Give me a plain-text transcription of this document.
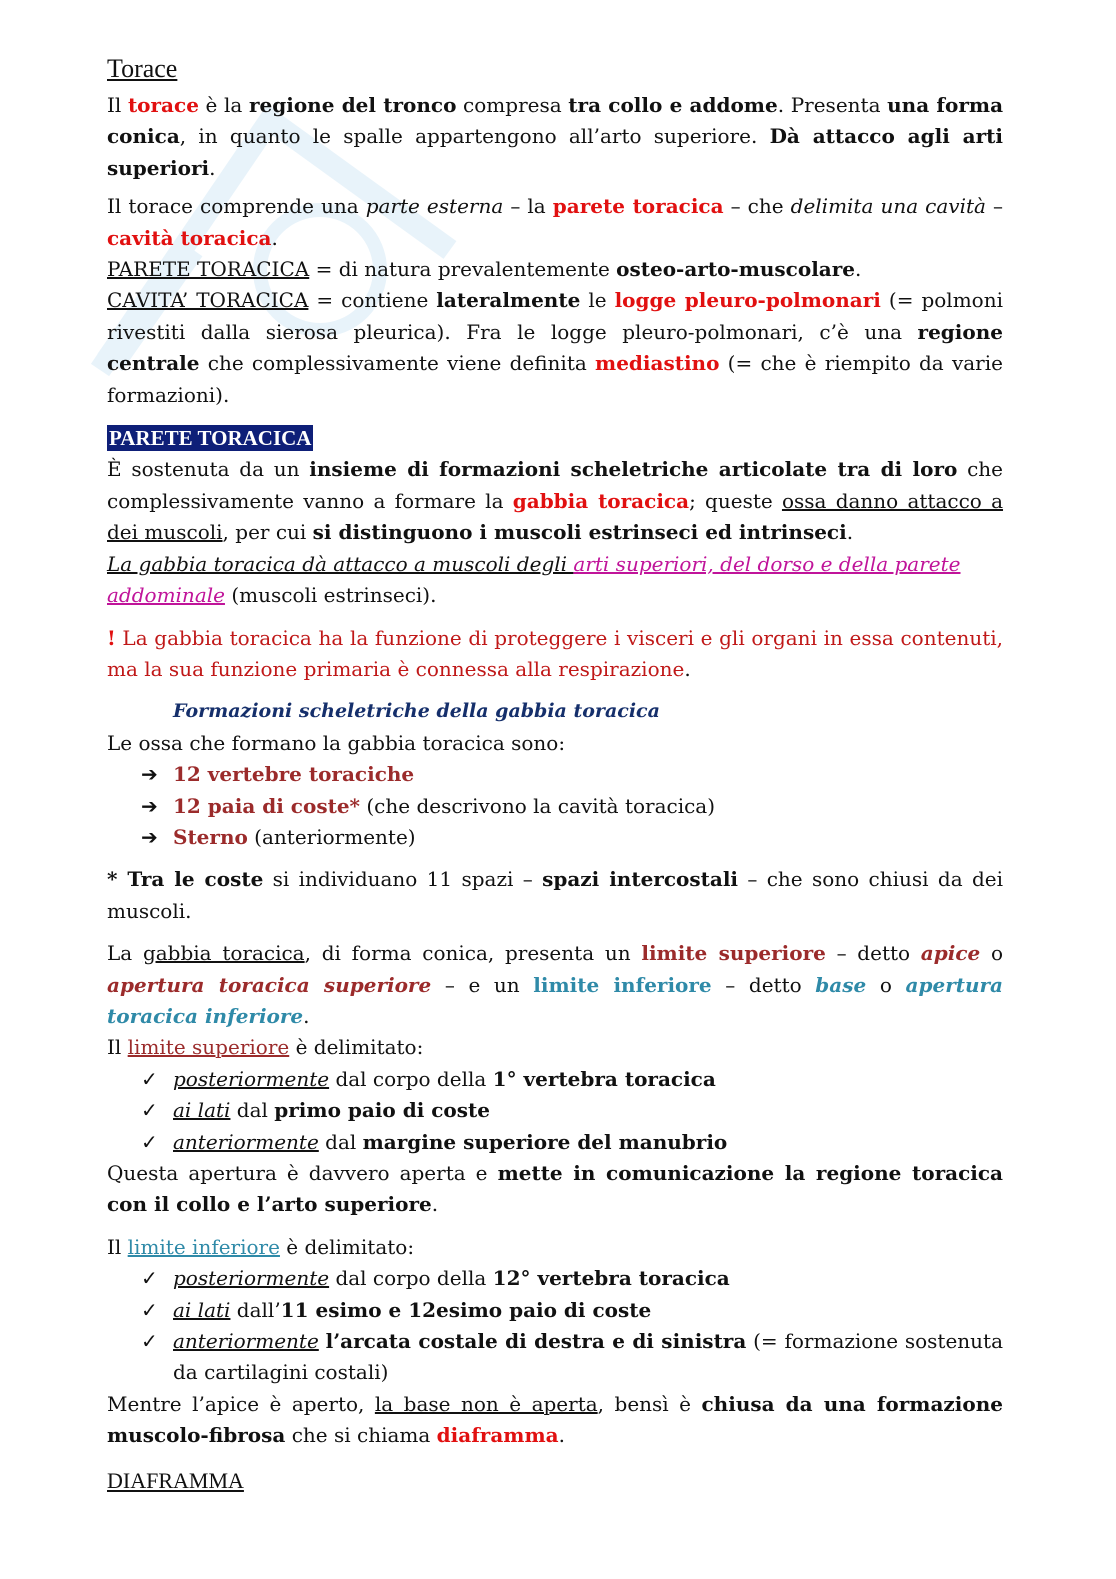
Torace

Il torace è la regione del tronco compresa tra collo e addome. Presenta una forma conica, in quanto le spalle appartengono all’arto superiore. Dà attacco agli arti superiori.

Il torace comprende una parte esterna – la parete toracica – che delimita una cavità – cavità toracica.

PARETE TORACICA = di natura prevalentemente osteo-arto-muscolare.

CAVITA’ TORACICA = contiene lateralmente le logge pleuro-polmonari (= polmoni rivestiti dalla sierosa pleurica). Fra le logge pleuro-polmonari, c’è una regione centrale che complessivamente viene definita mediastino (= che è riempito da varie formazioni).

PARETE TORACICA

È sostenuta da un insieme di formazioni scheletriche articolate tra di loro che complessivamente vanno a formare la gabbia toracica; queste ossa danno attacco a dei muscoli, per cui si distinguono i muscoli estrinseci ed intrinseci.

La gabbia toracica dà attacco a muscoli degli arti superiori, del dorso e della parete addominale (muscoli estrinseci).

! La gabbia toracica ha la funzione di proteggere i visceri e gli organi in essa contenuti, ma la sua funzione primaria è connessa alla respirazione.

Formazioni scheletriche della gabbia toracica

Le ossa che formano la gabbia toracica sono:

➔ 12 vertebre toraciche
➔ 12 paia di coste* (che descrivono la cavità toracica)
➔ Sterno (anteriormente)

* Tra le coste si individuano 11 spazi – spazi intercostali – che sono chiusi da dei muscoli.

La gabbia toracica, di forma conica, presenta un limite superiore – detto apice o apertura toracica superiore – e un limite inferiore – detto base o apertura toracica inferiore.

Il limite superiore è delimitato:

✓ posteriormente dal corpo della 1° vertebra toracica
✓ ai lati dal primo paio di coste
✓ anteriormente dal margine superiore del manubrio

Questa apertura è davvero aperta e mette in comunicazione la regione toracica con il collo e l’arto superiore.

Il limite inferiore è delimitato:

✓ posteriormente dal corpo della 12° vertebra toracica
✓ ai lati dall’11 esimo e 12esimo paio di coste
✓ anteriormente l’arcata costale di destra e di sinistra (= formazione sostenuta da cartilagini costali)

Mentre l’apice è aperto, la base non è aperta, bensì è chiusa da una formazione muscolo-fibrosa che si chiama diaframma.

DIAFRAMMA
